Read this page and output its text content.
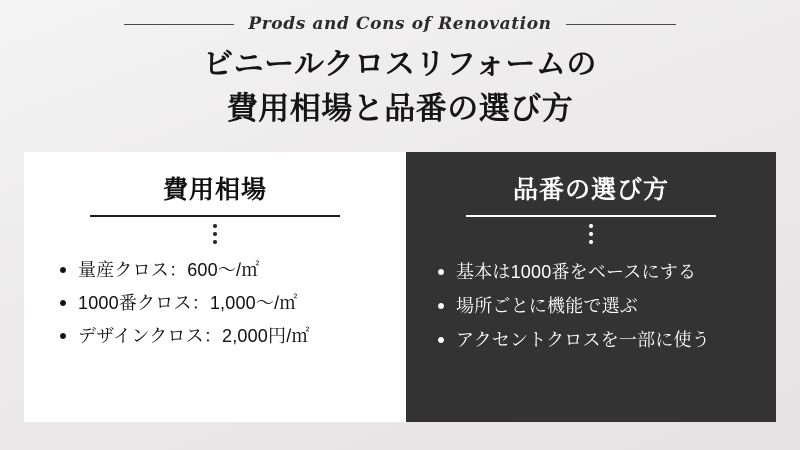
Prods and Cons of Renovation
ビニールクロスリフォームの
費用相場と品番の選び方
費用相場
量産クロス：600〜/㎡
1000番クロス：1,000〜/㎡
デザインクロス：2,000円/㎡
品番の選び方
基本は1000番をベースにする
場所ごとに機能で選ぶ
アクセントクロスを一部に使う
